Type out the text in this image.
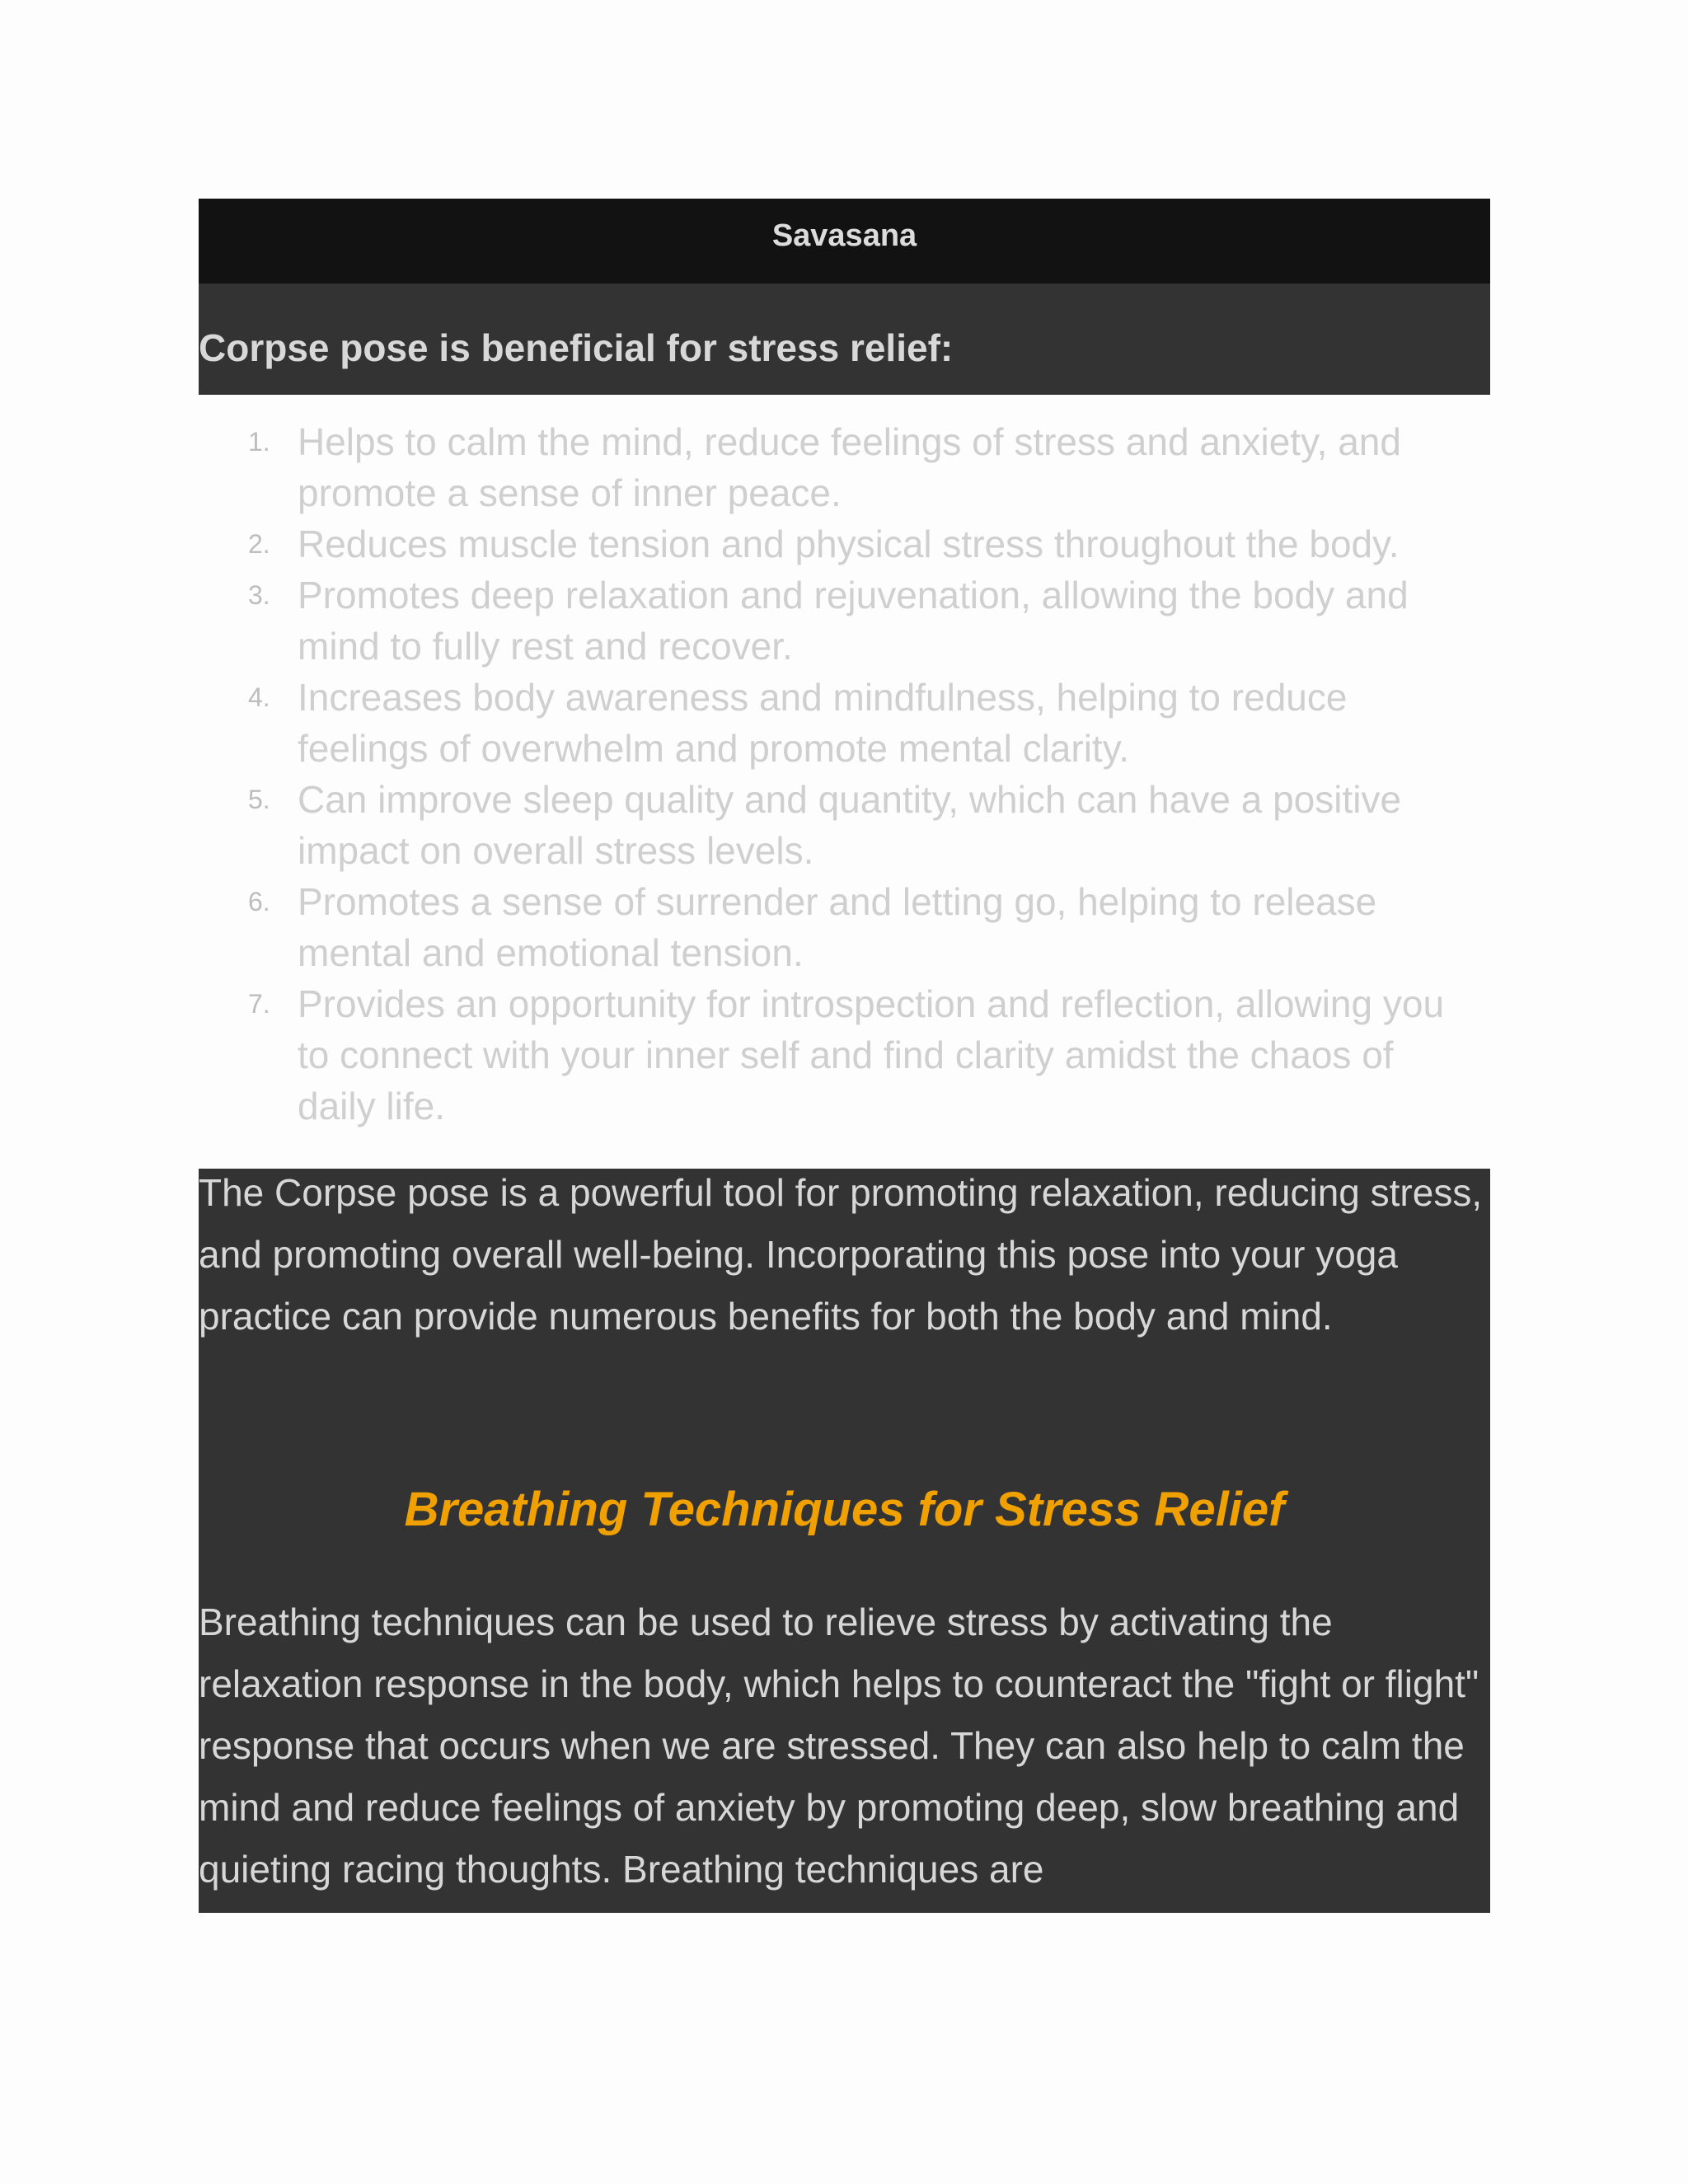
Savasana
Corpse pose is beneficial for stress relief:
1. Helps to calm the mind, reduce feelings of stress and anxiety, and promote a sense of inner peace.
2. Reduces muscle tension and physical stress throughout the body.
3. Promotes deep relaxation and rejuvenation, allowing the body and mind to fully rest and recover.
4. Increases body awareness and mindfulness, helping to reduce feelings of overwhelm and promote mental clarity.
5. Can improve sleep quality and quantity, which can have a positive impact on overall stress levels.
6. Promotes a sense of surrender and letting go, helping to release mental and emotional tension.
7. Provides an opportunity for introspection and reflection, allowing you to connect with your inner self and find clarity amidst the chaos of daily life.

The Corpse pose is a powerful tool for promoting relaxation, reducing stress, and promoting overall well-being. Incorporating this pose into your yoga practice can provide numerous benefits for both the body and mind.

Breathing Techniques for Stress Relief

Breathing techniques can be used to relieve stress by activating the relaxation response in the body, which helps to counteract the "fight or flight" response that occurs when we are stressed. They can also help to calm the mind and reduce feelings of anxiety by promoting deep, slow breathing and quieting racing thoughts. Breathing techniques are
